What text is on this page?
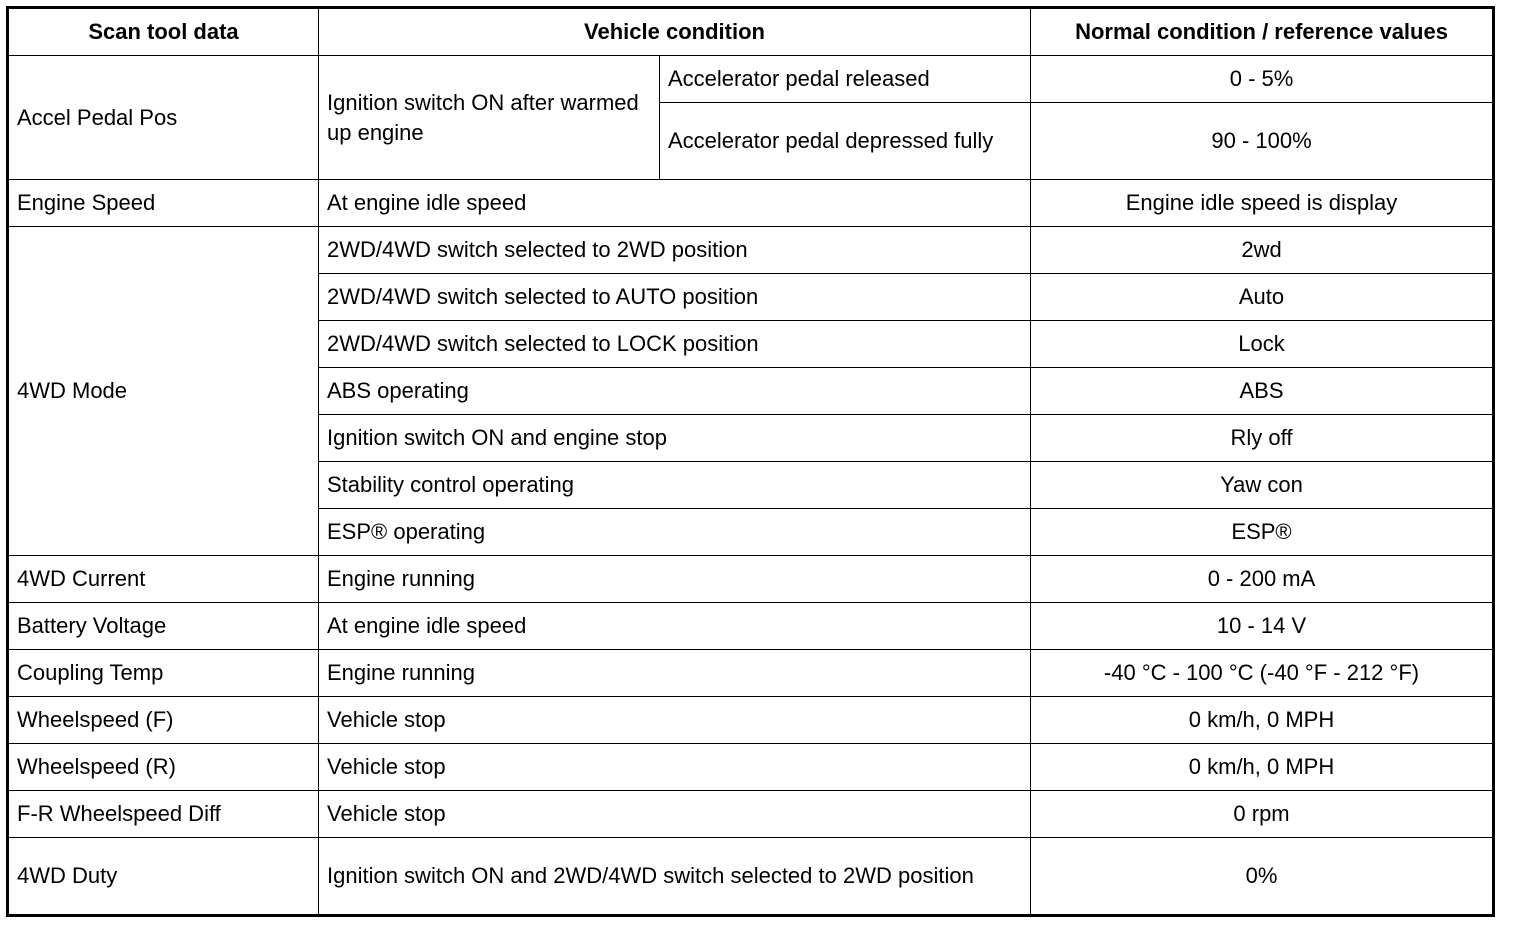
Scan tool data	Vehicle condition		Normal condition / reference values
Accel Pedal Pos	Ignition switch ON after warmed up engine	Accelerator pedal released	0 - 5%
		Accelerator pedal depressed fully	90 - 100%
Engine Speed	At engine idle speed		Engine idle speed is display
4WD Mode	2WD/4WD switch selected to 2WD position		2wd
	2WD/4WD switch selected to AUTO position		Auto
	2WD/4WD switch selected to LOCK position		Lock
	ABS operating		ABS
	Ignition switch ON and engine stop		Rly off
	Stability control operating		Yaw con
	ESP® operating		ESP®
4WD Current	Engine running		0 - 200 mA
Battery Voltage	At engine idle speed		10 - 14 V
Coupling Temp	Engine running		-40 °C - 100 °C (-40 °F - 212 °F)
Wheelspeed (F)	Vehicle stop		0 km/h, 0 MPH
Wheelspeed (R)	Vehicle stop		0 km/h, 0 MPH
F-R Wheelspeed Diff	Vehicle stop		0 rpm
4WD Duty	Ignition switch ON and 2WD/4WD switch selected to 2WD position		0%
